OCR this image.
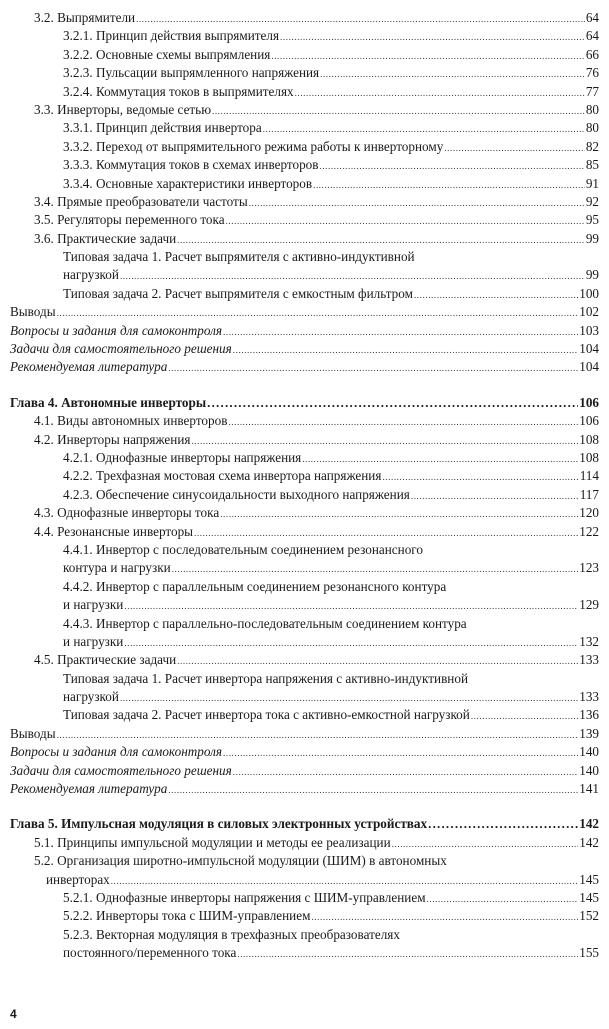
3.2. Выпрямители .....	64
3.2.1. Принцип действия выпрямителя .....	64
3.2.2. Основные схемы выпрямления .....	66
3.2.3. Пульсации выпрямленного напряжения .....	76
3.2.4. Коммутация токов в выпрямителях .....	77
3.3. Инверторы, ведомые сетью .....	80
3.3.1. Принцип действия инвертора .....	80
3.3.2. Переход от выпрямительного режима работы к инверторному .....	82
3.3.3. Коммутация токов в схемах инверторов .....	85
3.3.4. Основные характеристики инверторов .....	91
3.4. Прямые преобразователи частоты .....	92
3.5. Регуляторы переменного тока .....	95
3.6. Практические задачи .....	99
Типовая задача 1. Расчет выпрямителя с активно-индуктивной
нагрузкой .....	99
Типовая задача 2. Расчет выпрямителя с емкостным фильтром .....	100
Выводы .....	102
Вопросы и задания для самоконтроля .....	103
Задачи для самостоятельного решения .....	104
Рекомендуемая литература .....	104
Глава 4. Автономные инверторы .....	106
4.1. Виды автономных инверторов .....	106
4.2. Инверторы напряжения .....	108
4.2.1. Однофазные инверторы напряжения .....	108
4.2.2. Трехфазная мостовая схема инвертора напряжения .....	114
4.2.3. Обеспечение синусоидальности выходного напряжения .....	117
4.3. Однофазные инверторы тока .....	120
4.4. Резонансные инверторы .....	122
4.4.1. Инвертор с последовательным соединением резонансного
контура и нагрузки .....	123
4.4.2. Инвертор с параллельным соединением резонансного контура
и нагрузки .....	129
4.4.3. Инвертор с параллельно-последовательным соединением контура
и нагрузки .....	132
4.5. Практические задачи .....	133
Типовая задача 1. Расчет инвертора напряжения с активно-индуктивной
нагрузкой .....	133
Типовая задача 2. Расчет инвертора тока с активно-емкостной нагрузкой .....	136
Выводы .....	139
Вопросы и задания для самоконтроля .....	140
Задачи для самостоятельного решения .....	140
Рекомендуемая литература .....	141
Глава 5. Импульсная модуляция в силовых электронных устройствах .....	142
5.1. Принципы импульсной модуляции и методы ее реализации .....	142
5.2. Организация широтно-импульсной модуляции (ШИМ) в автономных
инверторах .....	145
5.2.1. Однофазные инверторы напряжения с ШИМ-управлением .....	145
5.2.2. Инверторы тока с ШИМ-управлением .....	152
5.2.3. Векторная модуляция в трехфазных преобразователях
постоянного/переменного тока .....	155
4
